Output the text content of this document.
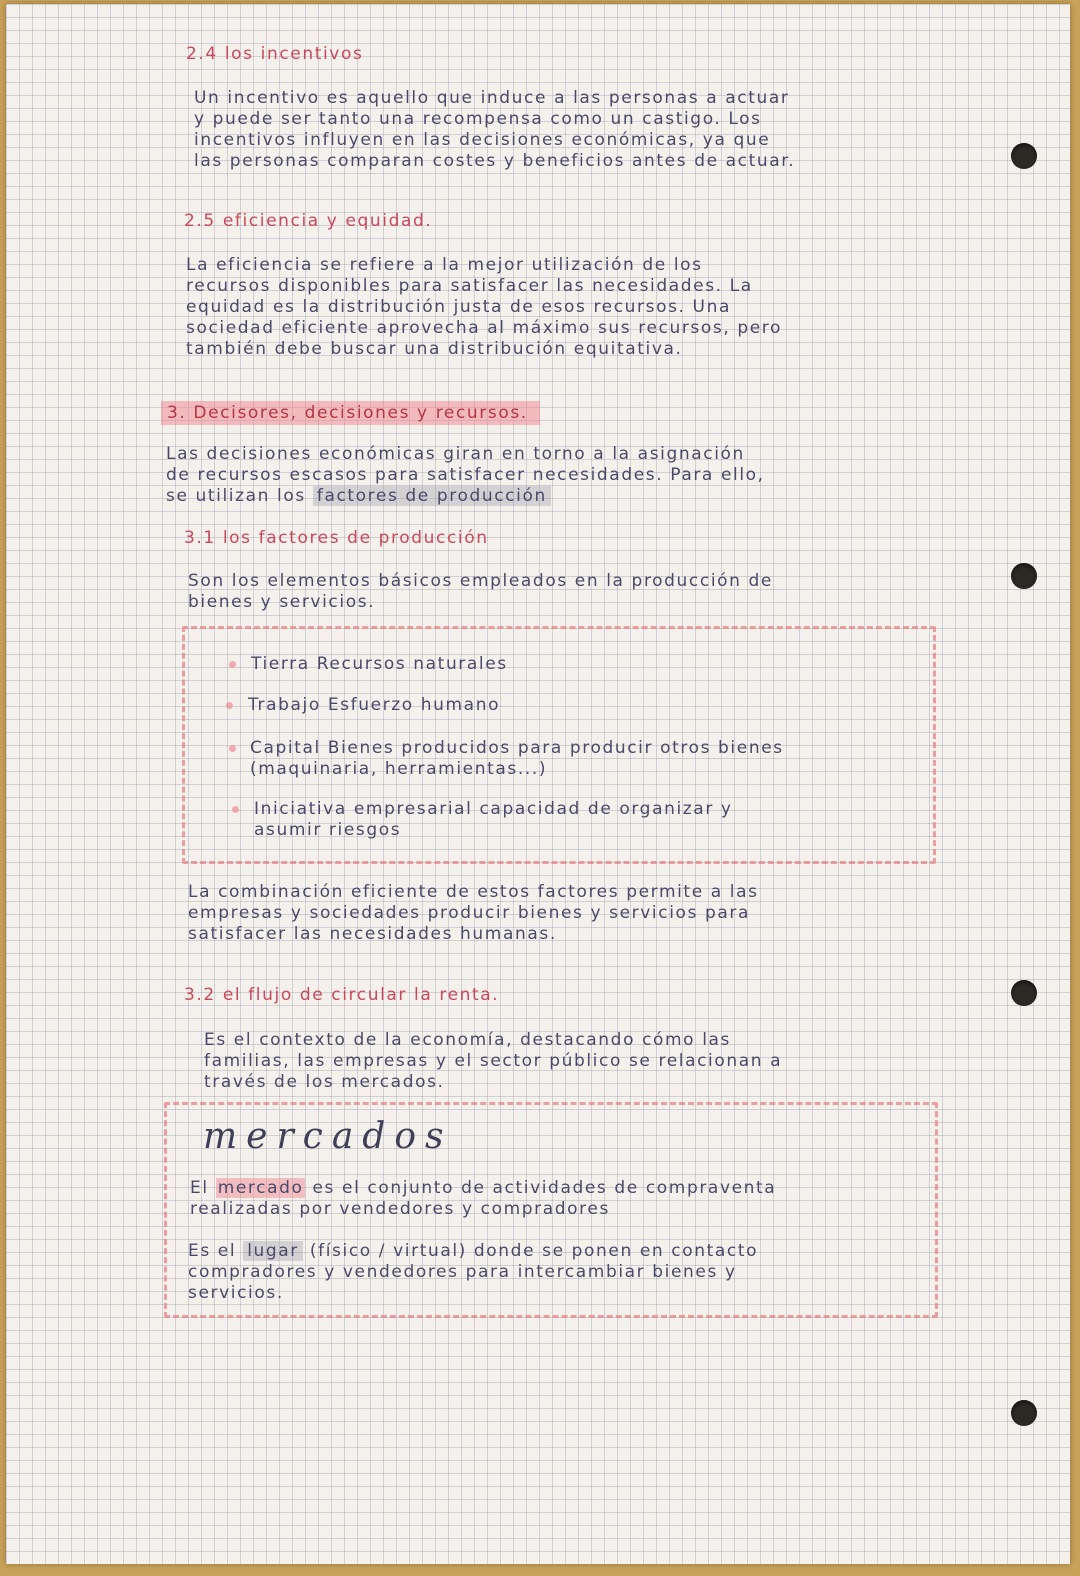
2.4 los incentivos
Un incentivo es aquello que induce a las personas a actuar
y puede ser tanto una recompensa como un castigo. Los
incentivos influyen en las decisiones económicas, ya que
las personas comparan costes y beneficios antes de actuar.
2.5 eficiencia y equidad.
La eficiencia se refiere a la mejor utilización de los
recursos disponibles para satisfacer las necesidades. La
equidad es la distribución justa de esos recursos. Una
sociedad eficiente aprovecha al máximo sus recursos, pero
también debe buscar una distribución equitativa.
3. Decisores, decisiones y recursos.
Las decisiones económicas giran en torno a la asignación
de recursos escasos para satisfacer necesidades. Para ello,
se utilizan los factores de producción
3.1 los factores de producción
Son los elementos básicos empleados en la producción de
bienes y servicios.
Tierra Recursos naturales
Trabajo Esfuerzo humano
Capital Bienes producidos para producir otros bienes
(maquinaria, herramientas...)
Iniciativa empresarial capacidad de organizar y
asumir riesgos
La combinación eficiente de estos factores permite a las
empresas y sociedades producir bienes y servicios para
satisfacer las necesidades humanas.
3.2 el flujo de circular la renta.
Es el contexto de la economía, destacando cómo las
familias, las empresas y el sector público se relacionan a
través de los mercados.
mercados
El mercado es el conjunto de actividades de compraventa
realizadas por vendedores y compradores
Es el lugar (físico / virtual) donde se ponen en contacto
compradores y vendedores para intercambiar bienes y
servicios.
